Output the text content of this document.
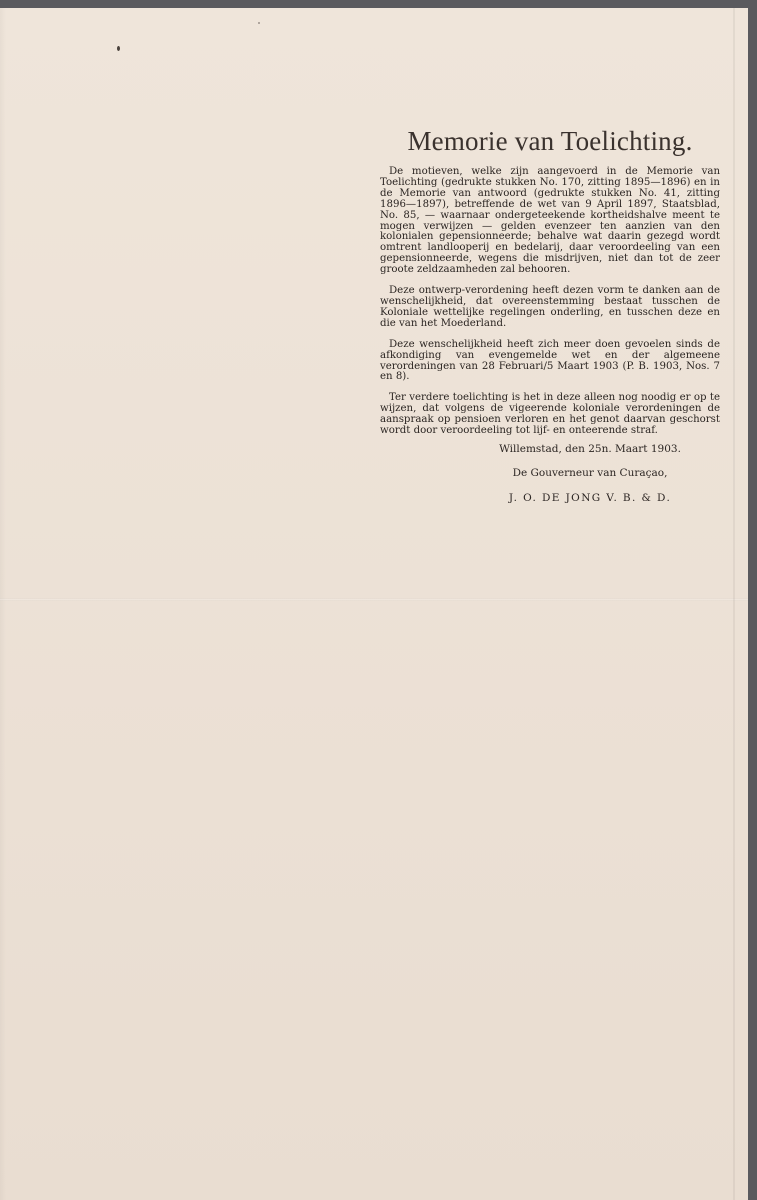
Memorie van Toelichting.

De motieven, welke zijn aangevoerd in de Memorie van Toelichting (gedrukte stukken No. 170, zitting 1895—1896) en in de Memorie van antwoord (gedrukte stukken No. 41, zitting 1896—1897), betreffende de wet van 9 April 1897, Staatsblad, No. 85, — waarnaar ondergeteekende kortheidshalve meent te mogen verwijzen — gelden evenzeer ten aanzien van den kolonialen gepensionneerde; behalve wat daarin gezegd wordt omtrent landlooperij en bedelarij, daar veroordeeling van een gepensionneerde, wegens die misdrijven, niet dan tot de zeer groote zeldzaamheden zal behooren.

Deze ontwerp-verordening heeft dezen vorm te danken aan de wenschelijkheid, dat overeenstemming bestaat tusschen de Koloniale wettelijke regelingen onderling, en tusschen deze en die van het Moederland.

Deze wenschelijkheid heeft zich meer doen gevoelen sinds de afkondiging van evengemelde wet en der algemeene verordeningen van 28 Februari/5 Maart 1903 (P. B. 1903, Nos. 7 en 8).

Ter verdere toelichting is het in deze alleen nog noodig er op te wijzen, dat volgens de vigeerende koloniale verordeningen de aanspraak op pensioen verloren en het genot daarvan geschorst wordt door veroordeeling tot lijf- en onteerende straf.

Willemstad, den 25n. Maart 1903.
De Gouverneur van Curaçao,
J. O. DE JONG V. B. & D.
